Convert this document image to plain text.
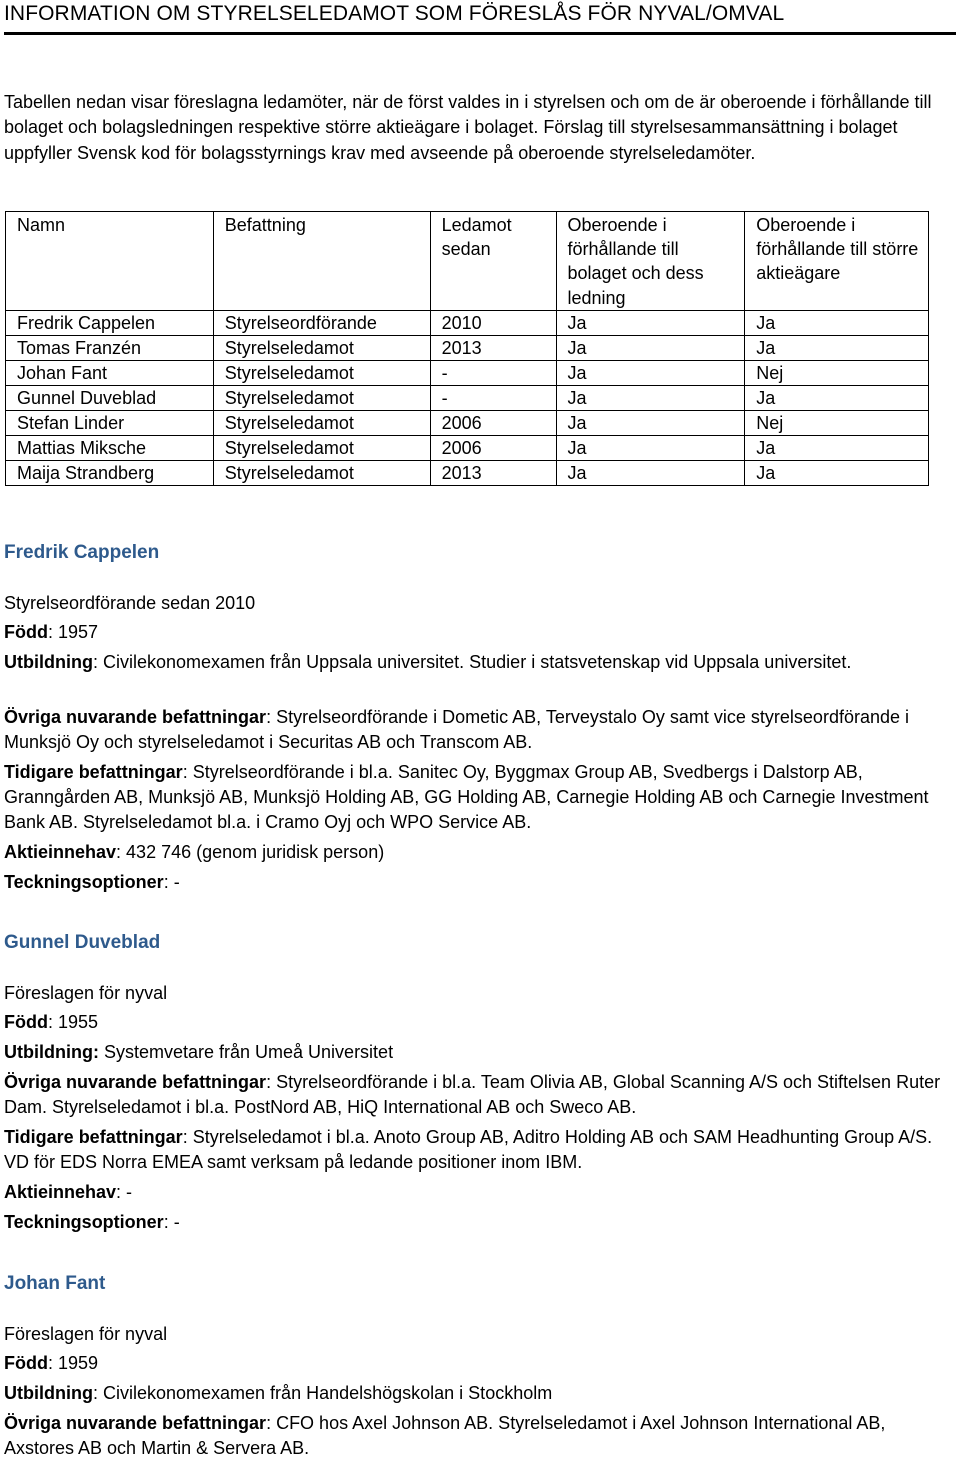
INFORMATION OM STYRELSELEDAMOT SOM FÖRESLÅS FÖR NYVAL/OMVAL

Tabellen nedan visar föreslagna ledamöter, när de först valdes in i styrelsen och om de är oberoende i förhållande till bolaget och bolagsledningen respektive större aktieägare i bolaget. Förslag till styrelsesammansättning i bolaget uppfyller Svensk kod för bolagsstyrnings krav med avseende på oberoende styrelseledamöter.

Namn	Befattning	Ledamot sedan	Oberoende i förhållande till bolaget och dess ledning	Oberoende i förhållande till större aktieägare
Fredrik Cappelen	Styrelseordförande	2010	Ja	Ja
Tomas Franzén	Styrelseledamot	2013	Ja	Ja
Johan Fant	Styrelseledamot	-	Ja	Nej
Gunnel Duveblad	Styrelseledamot	-	Ja	Ja
Stefan Linder	Styrelseledamot	2006	Ja	Nej
Mattias Miksche	Styrelseledamot	2006	Ja	Ja
Maija Strandberg	Styrelseledamot	2013	Ja	Ja
Fredrik Cappelen
Styrelseordförande sedan 2010
Född: 1957
Utbildning: Civilekonomexamen från Uppsala universitet. Studier i statsvetenskap vid Uppsala universitet.
Övriga nuvarande befattningar: Styrelseordförande i Dometic AB, Terveystalo Oy samt vice styrelseordförande i Munksjö Oy och styrelseledamot i Securitas AB och Transcom AB.
Tidigare befattningar: Styrelseordförande i bl.a. Sanitec Oy, Byggmax Group AB, Svedbergs i Dalstorp AB, Granngården AB, Munksjö AB, Munksjö Holding AB, GG Holding AB, Carnegie Holding AB och Carnegie Investment Bank AB. Styrelseledamot bl.a. i Cramo Oyj och WPO Service AB.
Aktieinnehav: 432 746 (genom juridisk person)
Teckningsoptioner: -
Gunnel Duveblad
Föreslagen för nyval
Född: 1955
Utbildning: Systemvetare från Umeå Universitet
Övriga nuvarande befattningar: Styrelseordförande i bl.a. Team Olivia AB, Global Scanning A/S och Stiftelsen Ruter Dam. Styrelseledamot i bl.a. PostNord AB, HiQ International AB och Sweco AB.
Tidigare befattningar: Styrelseledamot i bl.a. Anoto Group AB, Aditro Holding AB och SAM Headhunting Group A/S. VD för EDS Norra EMEA samt verksam på ledande positioner inom IBM.
Aktieinnehav: -
Teckningsoptioner: -
Johan Fant
Föreslagen för nyval
Född: 1959
Utbildning: Civilekonomexamen från Handelshögskolan i Stockholm
Övriga nuvarande befattningar: CFO hos Axel Johnson AB. Styrelseledamot i Axel Johnson International AB, Axstores AB och Martin & Servera AB.
